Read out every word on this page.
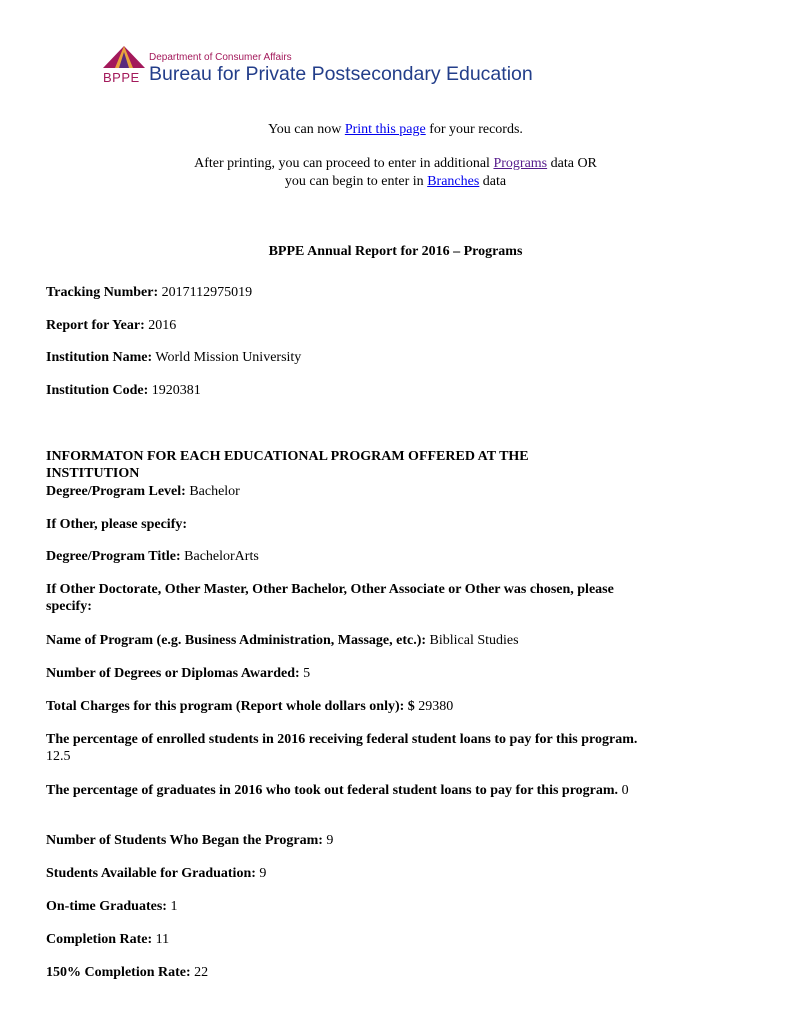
BPPE
Department of Consumer Affairs
Bureau for Private Postsecondary Education
You can now Print this page for your records.
After printing, you can proceed to enter in additional Programs data OR
you can begin to enter in Branches data
BPPE Annual Report for 2016 – Programs
Tracking Number: 2017112975019
Report for Year: 2016
Institution Name: World Mission University
Institution Code: 1920381
INFORMATON FOR EACH EDUCATIONAL PROGRAM OFFERED AT THE INSTITUTION
Degree/Program Level: Bachelor
If Other, please specify:
Degree/Program Title: BachelorArts
If Other Doctorate, Other Master, Other Bachelor, Other Associate or Other was chosen, please specify:
Name of Program (e.g. Business Administration, Massage, etc.): Biblical Studies
Number of Degrees or Diplomas Awarded: 5
Total Charges for this program (Report whole dollars only): $ 29380
The percentage of enrolled students in 2016 receiving federal student loans to pay for this program. 12.5
The percentage of graduates in 2016 who took out federal student loans to pay for this program. 0
Number of Students Who Began the Program: 9
Students Available for Graduation: 9
On-time Graduates: 1
Completion Rate: 11
150% Completion Rate: 22
